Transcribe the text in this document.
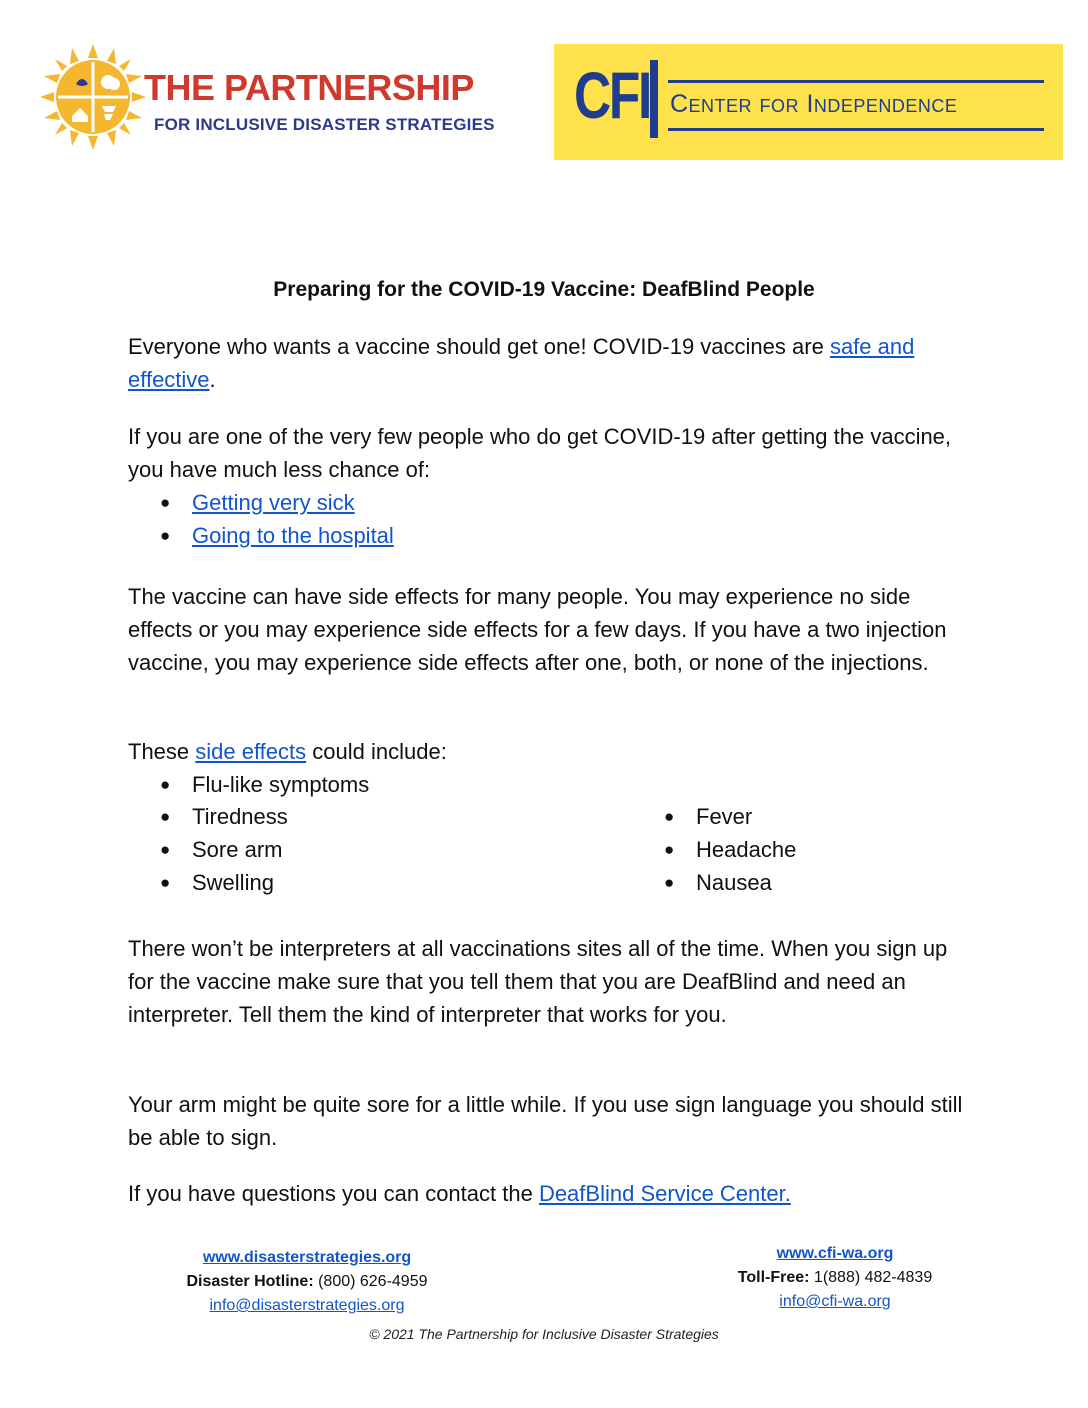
THE PARTNERSHIP
FOR INCLUSIVE DISASTER STRATEGIES CFI Center for Independence
Preparing for the COVID-19 Vaccine: DeafBlind People

Everyone who wants a vaccine should get one! COVID-19 vaccines are safe and effective.

If you are one of the very few people who do get COVID-19 after getting the vaccine, you have much less chance of:
● Getting very sick
● Going to the hospital

The vaccine can have side effects for many people. You may experience no side effects or you may experience side effects for a few days. If you have a two injection vaccine, you may experience side effects after one, both, or none of the injections.

These side effects could include:
● Flu-like symptoms
● Tiredness
● Sore arm
● Swelling
● Fever
● Headache
● Nausea

There won’t be interpreters at all vaccinations sites all of the time. When you sign up for the vaccine make sure that you tell them that you are DeafBlind and need an interpreter. Tell them the kind of interpreter that works for you.

Your arm might be quite sore for a little while. If you use sign language you should still be able to sign.

If you have questions you can contact the DeafBlind Service Center.

www.disasterstrategies.org
Disaster Hotline: (800) 626-4959
info@disasterstrategies.org
www.cfi-wa.org
Toll-Free: 1(888) 482-4839
info@cfi-wa.org
© 2021 The Partnership for Inclusive Disaster Strategies
